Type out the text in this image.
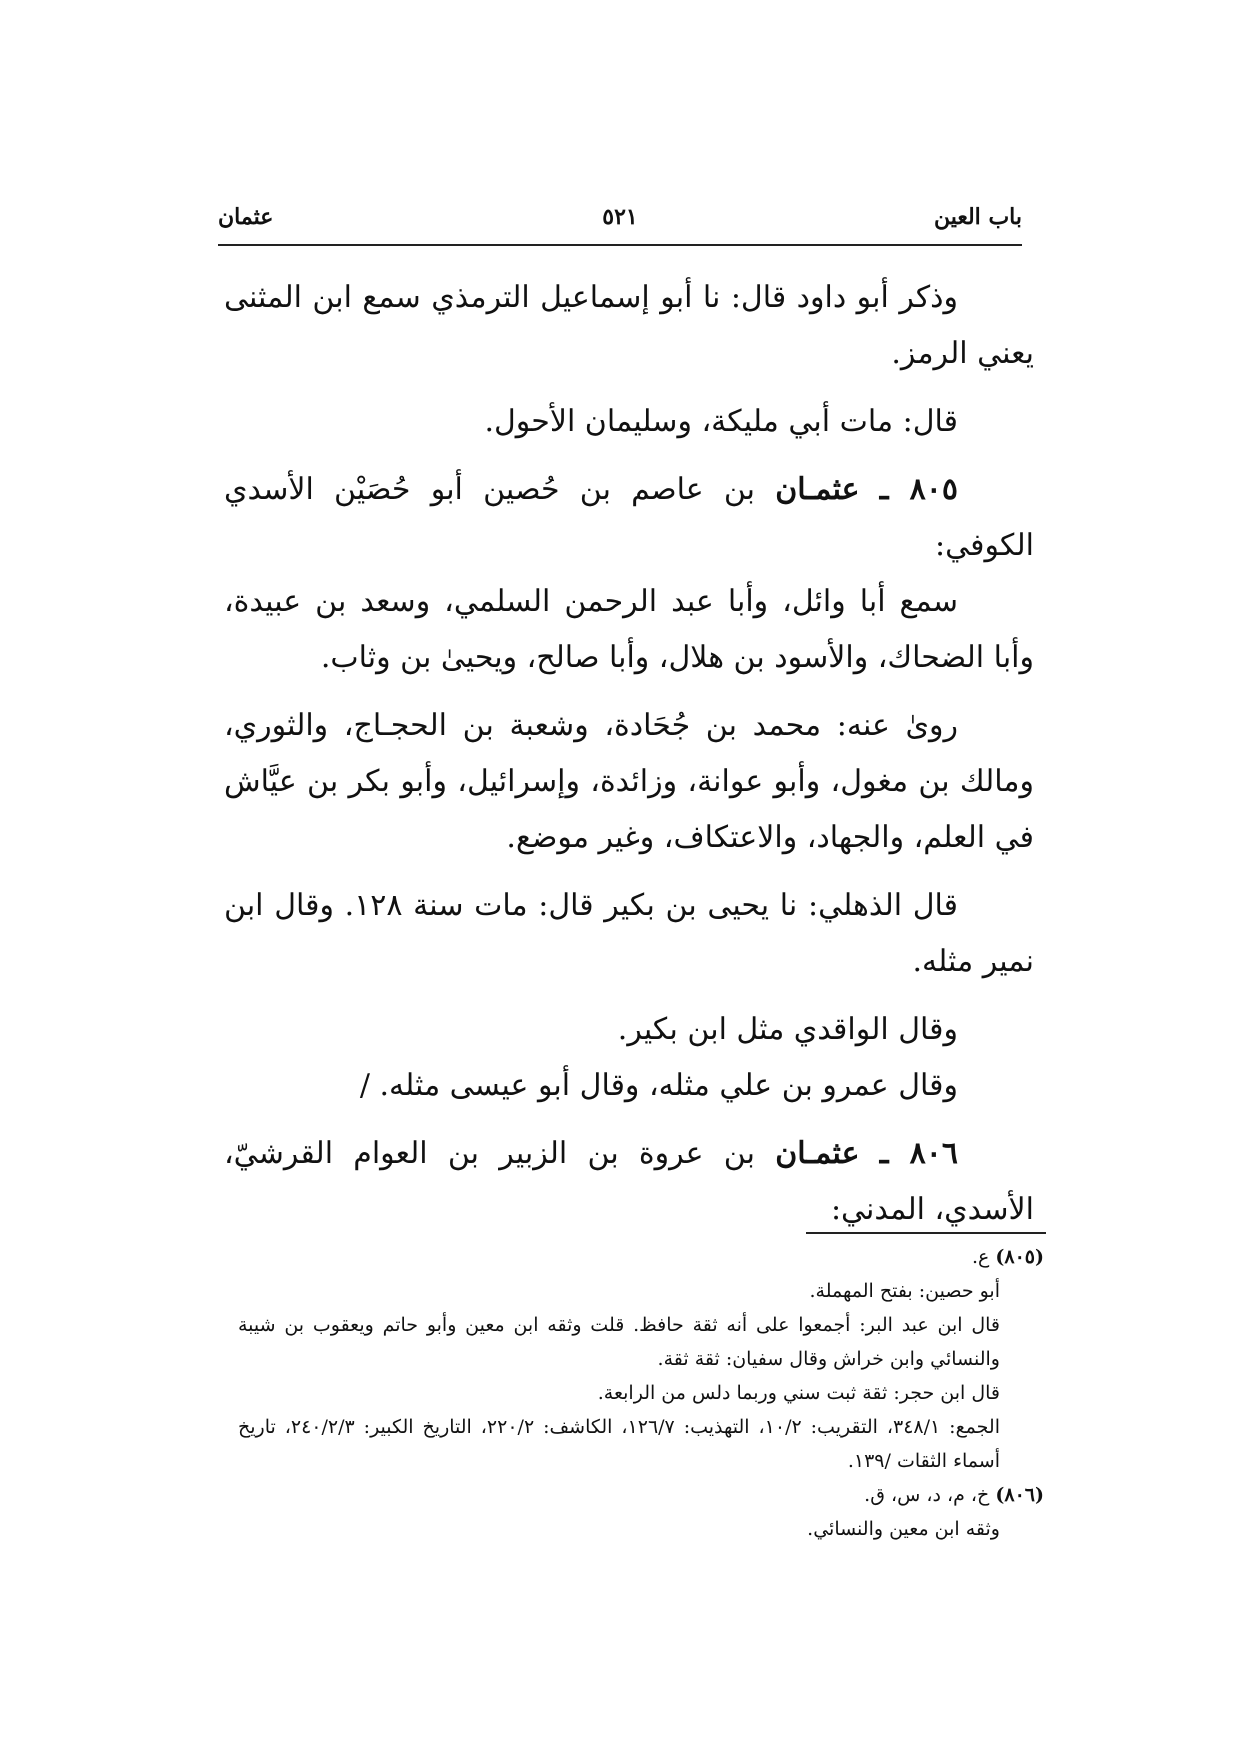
باب العين
٥٢١
عثمان

وذكر أبو داود قال: نا أبو إسماعيل الترمذي سمع ابن المثنى يعني الرمز.

قال: مات أبي مليكة، وسليمان الأحول.

٨٠٥ ـ عثمـان بن عاصم بن حُصين أبو حُصَيْن الأسدي الكوفي:

سمع أبا وائل، وأبا عبد الرحمن السلمي، وسعد بن عبيدة، وأبا الضحاك، والأسود بن هلال، وأبا صالح، ويحيىٰ بن وثاب.

روىٰ عنه: محمد بن جُحَادة، وشعبة بن الحجـاج، والثوري، ومالك بن مغول، وأبو عوانة، وزائدة، وإسرائيل، وأبو بكر بن عيَّاش في العلم، والجهاد، والاعتكاف، وغير موضع.

قال الذهلي: نا يحيى بن بكير قال: مات سنة ١٢٨. وقال ابن نمير مثله.

وقال الواقدي مثل ابن بكير.

وقال عمرو بن علي مثله، وقال أبو عيسى مثله. /

٨٠٦ ـ عثمـان بن عروة بن الزبير بن العوام القرشيّ، الأسدي، المدني:

(٨٠٥) ع.

أبو حصين: بفتح المهملة.

قال ابن عبد البر: أجمعوا على أنه ثقة حافظ. قلت وثقه ابن معين وأبو حاتم ويعقوب بن شيبة والنسائي وابن خراش وقال سفيان: ثقة ثقة.

قال ابن حجر: ثقة ثبت سني وربما دلس من الرابعة.

الجمع: ٣٤٨/١، التقريب: ١٠/٢، التهذيب: ١٢٦/٧، الكاشف: ٢٢٠/٢، التاريخ الكبير: ٢٤٠/٢/٣، تاريخ أسماء الثقات /١٣٩.

(٨٠٦) خ، م، د، س، ق.

وثقه ابن معين والنسائي.
